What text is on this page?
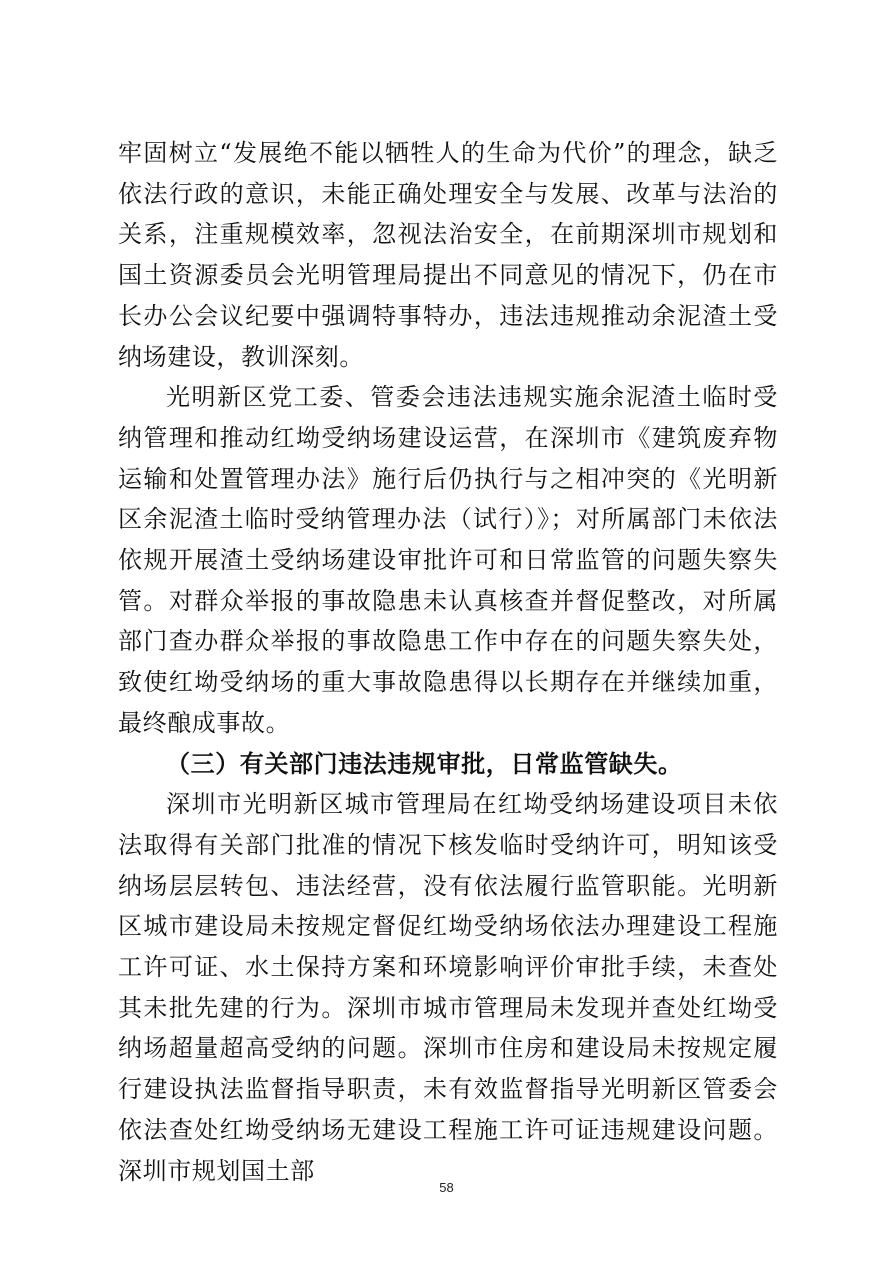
牢固树立“发展绝不能以牺牲人的生命为代价”的理念，缺乏依法行政的意识，未能正确处理安全与发展、改革与法治的关系，注重规模效率，忽视法治安全，在前期深圳市规划和国土资源委员会光明管理局提出不同意见的情况下，仍在市长办公会议纪要中强调特事特办，违法违规推动余泥渣土受纳场建设，教训深刻。

光明新区党工委、管委会违法违规实施余泥渣土临时受纳管理和推动红坳受纳场建设运营，在深圳市《建筑废弃物运输和处置管理办法》施行后仍执行与之相冲突的《光明新区余泥渣土临时受纳管理办法（试行）》；对所属部门未依法依规开展渣土受纳场建设审批许可和日常监管的问题失察失管。对群众举报的事故隐患未认真核查并督促整改，对所属部门查办群众举报的事故隐患工作中存在的问题失察失处，致使红坳受纳场的重大事故隐患得以长期存在并继续加重，最终酿成事故。

（三）有关部门违法违规审批，日常监管缺失。

深圳市光明新区城市管理局在红坳受纳场建设项目未依法取得有关部门批准的情况下核发临时受纳许可，明知该受纳场层层转包、违法经营，没有依法履行监管职能。光明新区城市建设局未按规定督促红坳受纳场依法办理建设工程施工许可证、水土保持方案和环境影响评价审批手续，未查处其未批先建的行为。深圳市城市管理局未发现并查处红坳受纳场超量超高受纳的问题。深圳市住房和建设局未按规定履行建设执法监督指导职责，未有效监督指导光明新区管委会依法查处红坳受纳场无建设工程施工许可证违规建设问题。深圳市规划国土部

58
